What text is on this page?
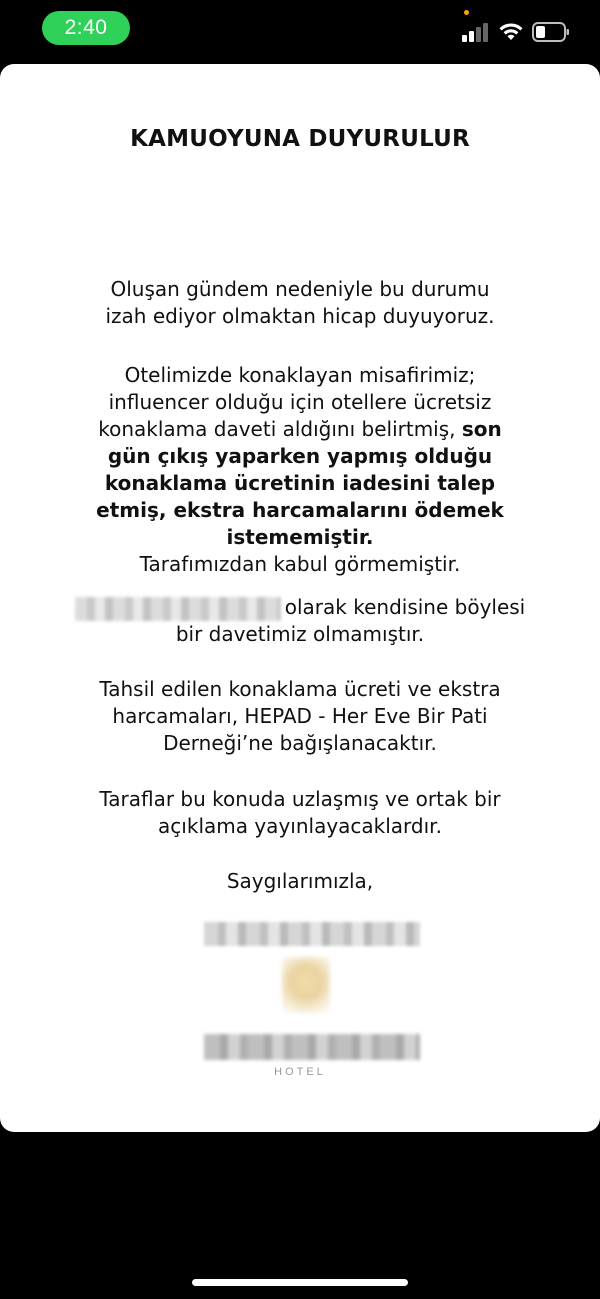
2:40
KAMUOYUNA DUYURULUR
Oluşan gündem nedeniyle bu durumu
izah ediyor olmaktan hicap duyuyoruz.
Otelimizde konaklayan misafirimiz;
influencer olduğu için otellere ücretsiz
konaklama daveti aldığını belirtmiş, son
gün çıkış yaparken yapmış olduğu
konaklama ücretinin iadesini talep
etmiş, ekstra harcamalarını ödemek
istememiştir.
Tarafımızdan kabul görmemiştir.
olarak kendisine böylesi
bir davetimiz olmamıştır.
Tahsil edilen konaklama ücreti ve ekstra
harcamaları, HEPAD - Her Eve Bir Pati
Derneği’ne bağışlanacaktır.
Taraflar bu konuda uzlaşmış ve ortak bir
açıklama yayınlayacaklardır.
Saygılarımızla,
HOTEL
